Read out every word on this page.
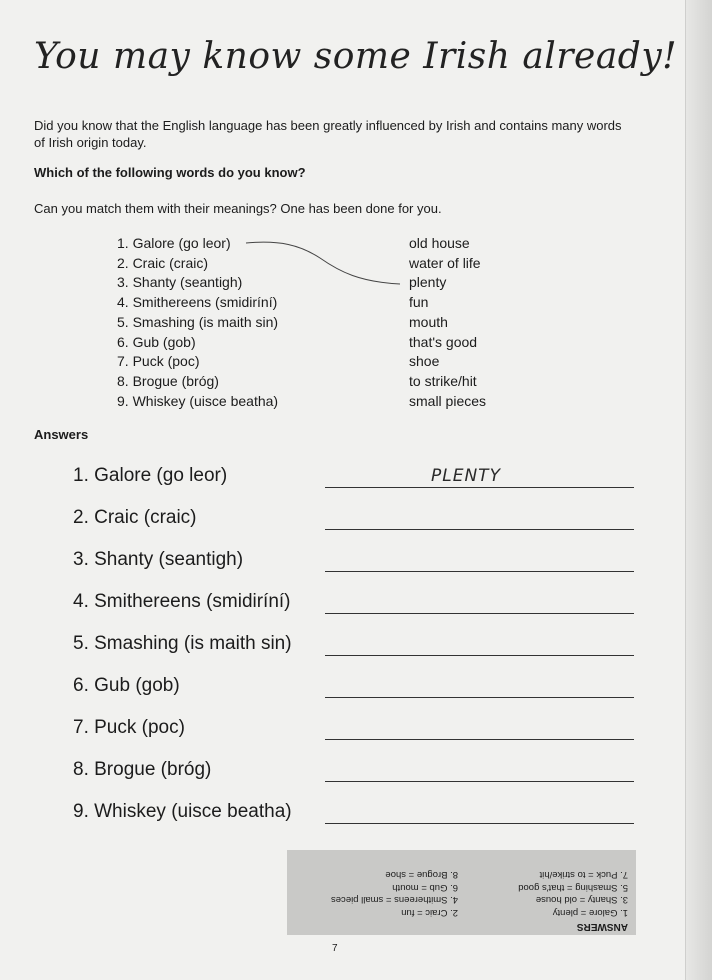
You may know some Irish already!
Did you know that the English language has been greatly influenced by Irish and contains many words of Irish origin today.
Which of the following words do you know?
Can you match them with their meanings? One has been done for you.
1. Galore (go leor)
2. Craic (craic)
3. Shanty (seantigh)
4. Smithereens (smidiríní)
5. Smashing (is maith sin)
6. Gub (gob)
7. Puck (poc)
8. Brogue (bróg)
9. Whiskey (uisce beatha)
old house
water of life
plenty
fun
mouth
that's good
shoe
to strike/hit
small pieces
Answers
1. Galore (go leor)	PLENTY
2. Craic (craic)
3. Shanty (seantigh)
4. Smithereens (smidiríní)
5. Smashing (is maith sin)
6. Gub (gob)
7. Puck (poc)
8. Brogue (bróg)
9. Whiskey (uisce beatha)
ANSWERS
1. Galore = plenty
3. Shanty = old house
5. Smashing = that's good
7. Puck = to strike/hit
2. Craic = fun
4. Smithereens = small pieces
6. Gub = mouth
8. Brogue = shoe
7
